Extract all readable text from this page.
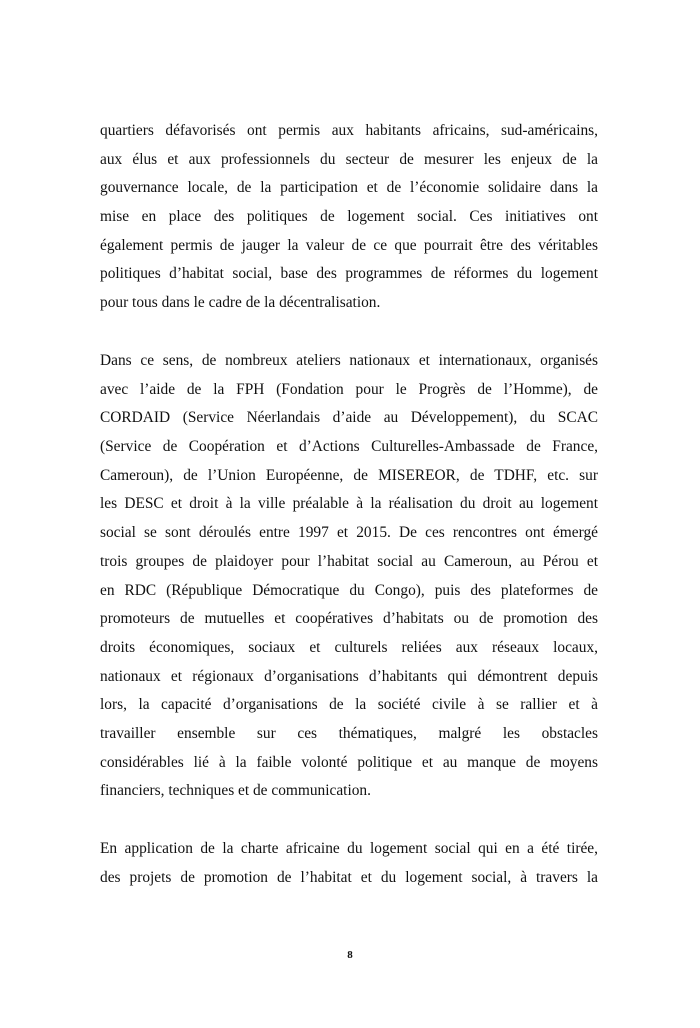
quartiers défavorisés ont permis aux habitants africains, sud-américains,
aux élus et aux professionnels du secteur de mesurer les enjeux de la
gouvernance locale, de la participation et de l’économie solidaire dans la
mise en place des politiques de logement social. Ces initiatives ont
également permis de jauger la valeur de ce que pourrait être des véritables
politiques d’habitat social, base des programmes de réformes du logement
pour tous dans le cadre de la décentralisation.
Dans ce sens, de nombreux ateliers nationaux et internationaux, organisés
avec l’aide de la FPH (Fondation pour le Progrès de l’Homme), de
CORDAID (Service Néerlandais d’aide au Développement), du SCAC
(Service de Coopération et d’Actions Culturelles-Ambassade de France,
Cameroun), de l’Union Européenne, de MISEREOR, de TDHF, etc. sur
les DESC et droit à la ville préalable à la réalisation du droit au logement
social se sont déroulés entre 1997 et 2015. De ces rencontres ont émergé
trois groupes de plaidoyer pour l’habitat social au Cameroun, au Pérou et
en RDC (République Démocratique du Congo), puis des plateformes de
promoteurs de mutuelles et coopératives d’habitats ou de promotion des
droits économiques, sociaux et culturels reliées aux réseaux locaux,
nationaux et régionaux d’organisations d’habitants qui démontrent depuis
lors, la capacité d’organisations de la société civile à se rallier et à
travailler ensemble sur ces thématiques, malgré les obstacles
considérables lié à la faible volonté politique et au manque de moyens
financiers, techniques et de communication.
En application de la charte africaine du logement social qui en a été tirée,
des projets de promotion de l’habitat et du logement social, à travers la
8
